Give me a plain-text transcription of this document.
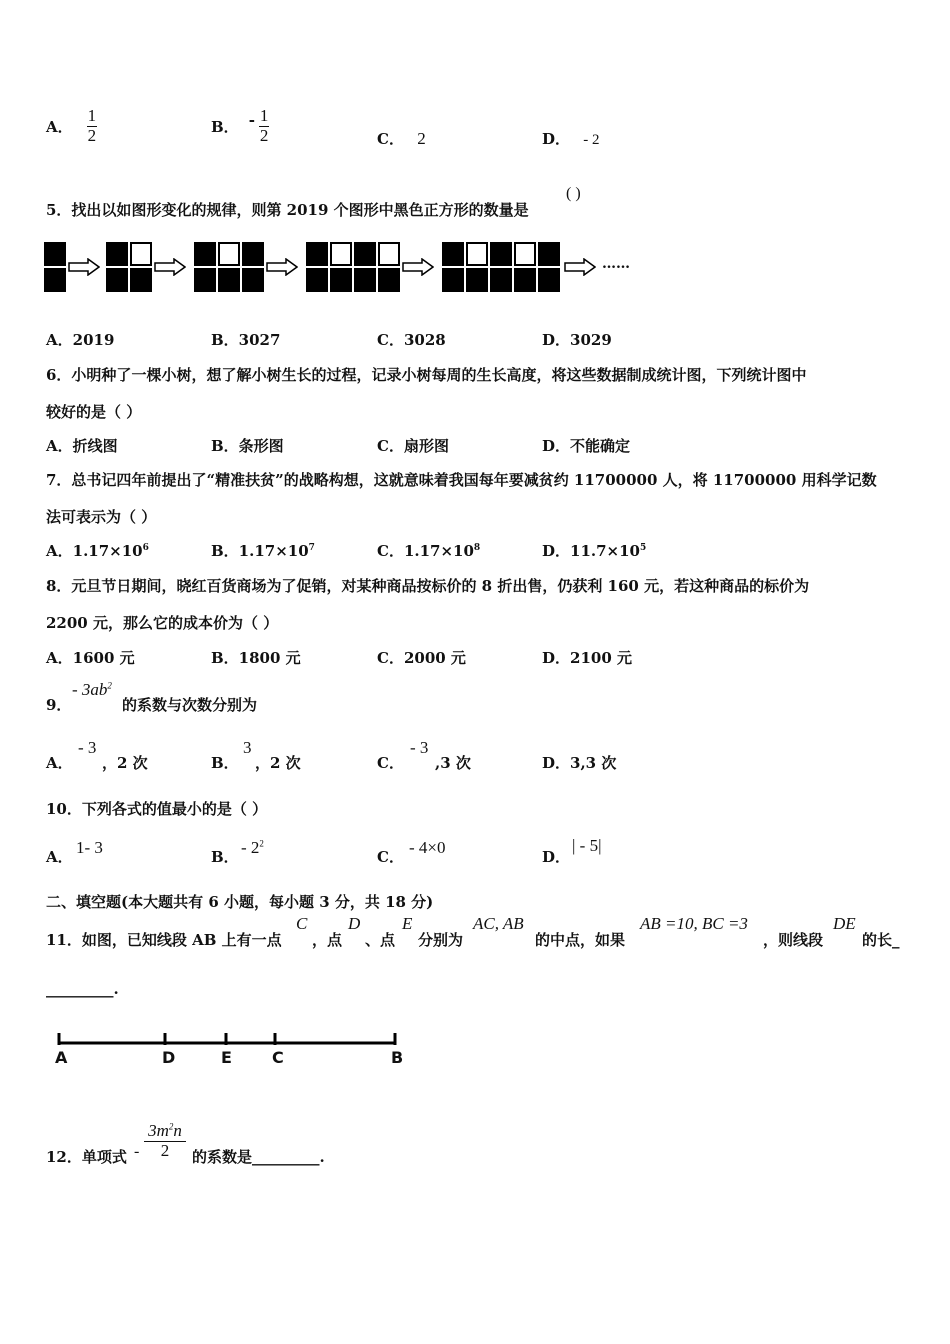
A． $\frac{1}{2}$	B． - $\frac{1}{2}$	C． 2	D． - 2
5．找出以如图形变化的规律，则第 2019 个图形中黑色正方形的数量是
( )
……
A．2019	B．3027	C．3028	D．3029
6．小明种了一棵小树，想了解小树生长的过程，记录小树每周的生长高度，将这些数据制成统计图，下列统计图中
较好的是（ ）
A．折线图	B．条形图	C．扇形图	D．不能确定
7．总书记四年前提出了“精准扶贫”的战略构想，这就意味着我国每年要减贫约 11700000 人，将 11700000 用科学记数
法可表示为（ ）
A．$1.17\times 10^6$	B．$1.17\times 10^7$	C．$1.17\times 10^8$	D．$11.7\times 10^5$
8．元旦节日期间，晓红百货商场为了促销，对某种商品按标价的 8 折出售，仍获利 160 元，若这种商品的标价为
2200 元，那么它的成本价为（ ）
A．1600 元	B．1800 元	C．2000 元	D．2100 元
9．
- $3ab^2$
的系数与次数分别为
A．
- 3
，2 次	B．
3
，2 次	C．
- 3
,3 次	D．3,3 次
10．下列各式的值最小的是（ ）
A． 1- 3	B． - $2^2$
C． - 4×0	D．
| - 5|
二、填空题(本大题共有 6 小题，每小题 3 分，共 18 分)
11．如图，已知线段 AB 上有一点
C
，点
D
、点
E
分别为
AC, AB
的中点，如果
AB =10, BC =3
，则线段
DE
的长_
_________.
A	D	E	C	B
12．单项式 - $\frac{3m^2n}{2}$ 的系数是_________.
